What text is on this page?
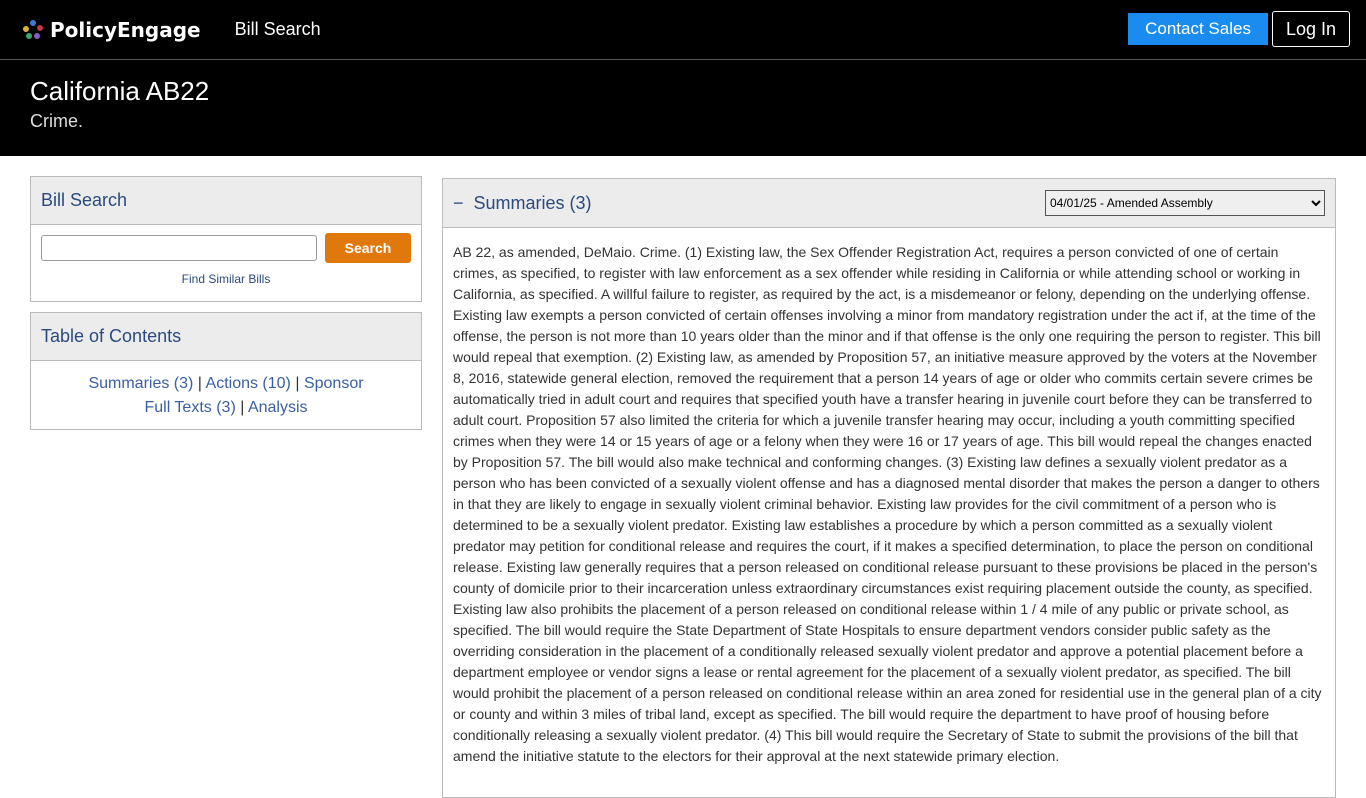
PolicyEngage Bill Search	Contact Sales	Log In
California AB22

Crime.

Bill Search
Search
Find Similar Bills
Table of Contents
Summaries (3) | Actions (10) | Sponsor
Full Texts (3) | Analysis
− Summaries (3)
04/01/25 - Amended Assembly
AB 22, as amended, DeMaio. Crime. (1) Existing law, the Sex Offender Registration Act, requires a person convicted of one of certain crimes, as specified, to register with law enforcement as a sex offender while residing in California or while attending school or working in California, as specified. A willful failure to register, as required by the act, is a misdemeanor or felony, depending on the underlying offense. Existing law exempts a person convicted of certain offenses involving a minor from mandatory registration under the act if, at the time of the offense, the person is not more than 10 years older than the minor and if that offense is the only one requiring the person to register. This bill would repeal that exemption. (2) Existing law, as amended by Proposition 57, an initiative measure approved by the voters at the November 8, 2016, statewide general election, removed the requirement that a person 14 years of age or older who commits certain severe crimes be automatically tried in adult court and requires that specified youth have a transfer hearing in juvenile court before they can be transferred to adult court. Proposition 57 also limited the criteria for which a juvenile transfer hearing may occur, including a youth committing specified crimes when they were 14 or 15 years of age or a felony when they were 16 or 17 years of age. This bill would repeal the changes enacted by Proposition 57. The bill would also make technical and conforming changes. (3) Existing law defines a sexually violent predator as a person who has been convicted of a sexually violent offense and has a diagnosed mental disorder that makes the person a danger to others in that they are likely to engage in sexually violent criminal behavior. Existing law provides for the civil commitment of a person who is determined to be a sexually violent predator. Existing law establishes a procedure by which a person committed as a sexually violent predator may petition for conditional release and requires the court, if it makes a specified determination, to place the person on conditional release. Existing law generally requires that a person released on conditional release pursuant to these provisions be placed in the person's county of domicile prior to their incarceration unless extraordinary circumstances exist requiring placement outside the county, as specified. Existing law also prohibits the placement of a person released on conditional release within 1 / 4 mile of any public or private school, as specified. The bill would require the State Department of State Hospitals to ensure department vendors consider public safety as the overriding consideration in the placement of a conditionally released sexually violent predator and approve a potential placement before a department employee or vendor signs a lease or rental agreement for the placement of a sexually violent predator, as specified. The bill would prohibit the placement of a person released on conditional release within an area zoned for residential use in the general plan of a city or county and within 3 miles of tribal land, except as specified. The bill would require the department to have proof of housing before conditionally releasing a sexually violent predator. (4) This bill would require the Secretary of State to submit the provisions of the bill that amend the initiative statute to the electors for their approval at the next statewide primary election.
